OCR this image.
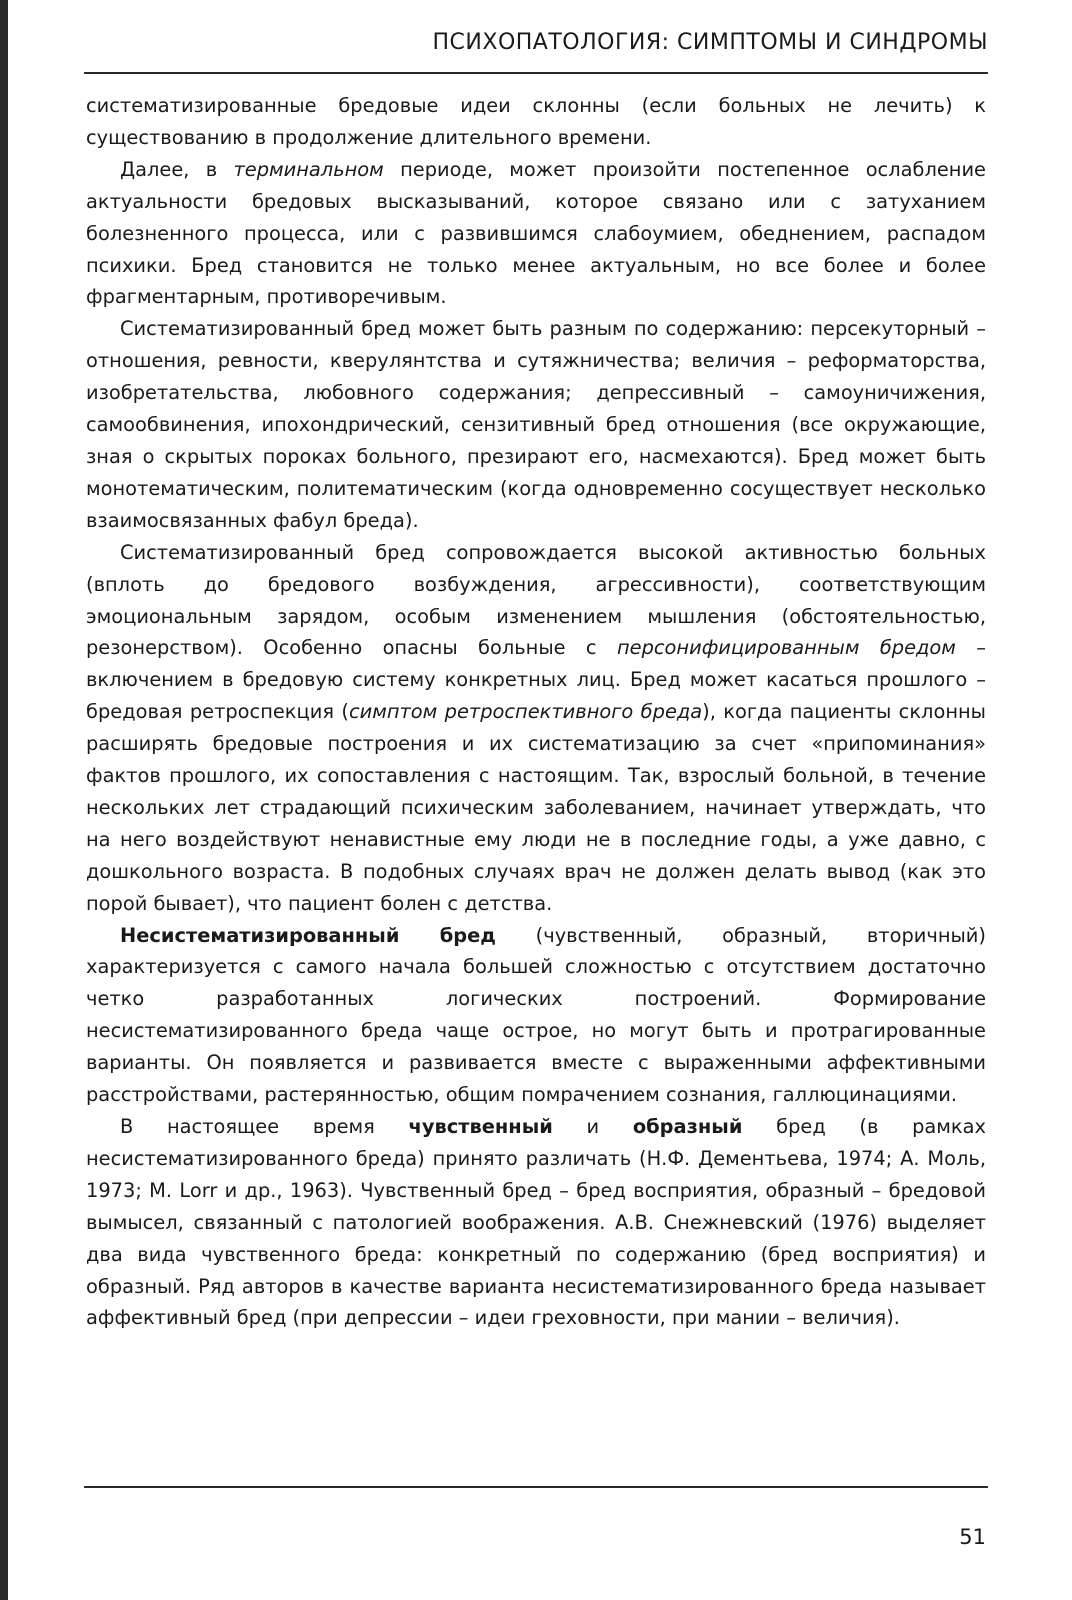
ПСИХОПАТОЛОГИЯ: СИМПТОМЫ И СИНДРОМЫ

систематизированные бредовые идеи склонны (если больных не лечить) к существованию в продолжение длительного времени.

Далее, в терминальном периоде, может произойти постепенное ослабление актуальности бредовых высказываний, которое связано или с затуханием болезненного процесса, или с развившимся слабоумием, обеднением, распадом психики. Бред становится не только менее актуальным, но все более и более фрагментарным, противоречивым.

Систематизированный бред может быть разным по содержанию: персекуторный – отношения, ревности, кверулянтства и сутяжничества; величия – реформаторства, изобретательства, любовного содержания; депрессивный – самоуничижения, самообвинения, ипохондрический, сензитивный бред отношения (все окружающие, зная о скрытых пороках больного, презирают его, насмехаются). Бред может быть монотематическим, политематическим (когда одновременно сосуществует несколько взаимосвязанных фабул бреда).

Систематизированный бред сопровождается высокой активностью больных (вплоть до бредового возбуждения, агрессивности), соответствующим эмоциональным зарядом, особым изменением мышления (обстоятельностью, резонерством). Особенно опасны больные с персонифицированным бредом – включением в бредовую систему конкретных лиц. Бред может касаться прошлого – бредовая ретроспекция (симптом ретроспективного бреда), когда пациенты склонны расширять бредовые построения и их систематизацию за счет «припоминания» фактов прошлого, их сопоставления с настоящим. Так, взрослый больной, в течение нескольких лет страдающий психическим заболеванием, начинает утверждать, что на него воздействуют ненавистные ему люди не в последние годы, а уже давно, с дошкольного возраста. В подобных случаях врач не должен делать вывод (как это порой бывает), что пациент болен с детства.

Несистематизированный бред (чувственный, образный, вторичный) характеризуется с самого начала большей сложностью с отсутствием достаточно четко разработанных логических построений. Формирование несистематизированного бреда чаще острое, но могут быть и протрагированные варианты. Он появляется и развивается вместе с выраженными аффективными расстройствами, растерянностью, общим помрачением сознания, галлюцинациями.

В настоящее время чувственный и образный бред (в рамках несистематизированного бреда) принято различать (Н.Ф. Дементьева, 1974; А. Моль, 1973; M. Lorr и др., 1963). Чувственный бред – бред восприятия, образный – бредовой вымысел, связанный с патологией воображения. А.В. Снежневский (1976) выделяет два вида чувственного бреда: конкретный по содержанию (бред восприятия) и образный. Ряд авторов в качестве варианта несистематизированного бреда называет аффективный бред (при депрессии – идеи греховности, при мании – величия).

51
